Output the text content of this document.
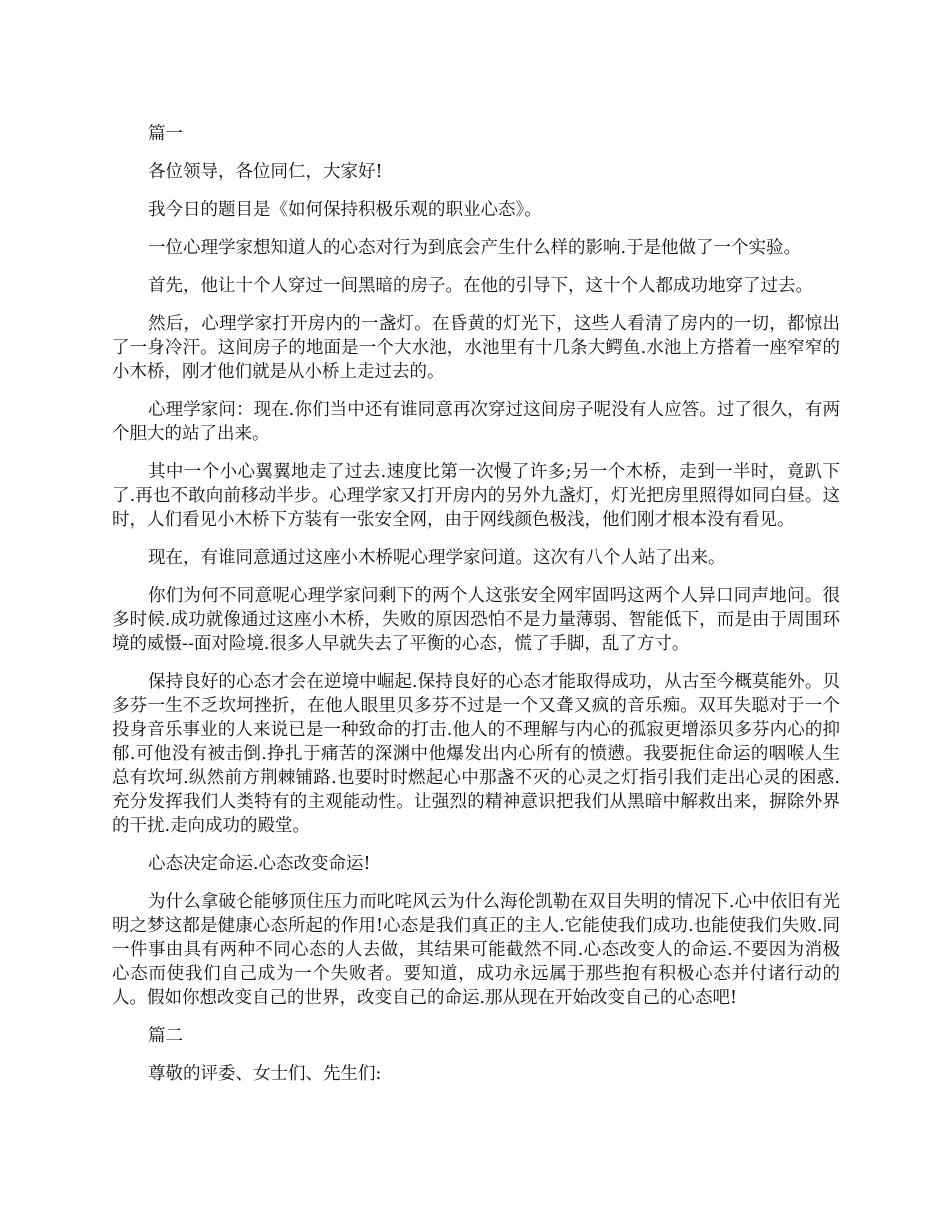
篇一

各位领导，各位同仁，大家好!

我今日的题目是《如何保持积极乐观的职业心态》。

一位心理学家想知道人的心态对行为到底会产生什么样的影响.于是他做了一个实验。

首先，他让十个人穿过一间黑暗的房子。在他的引导下，这十个人都成功地穿了过去。

然后，心理学家打开房内的一盏灯。在昏黄的灯光下，这些人看清了房内的一切，都惊出了一身冷汗。这间房子的地面是一个大水池，水池里有十几条大鳄鱼.水池上方搭着一座窄窄的小木桥，刚才他们就是从小桥上走过去的。

心理学家问：现在.你们当中还有谁同意再次穿过这间房子呢没有人应答。过了很久，有两个胆大的站了出来。

其中一个小心翼翼地走了过去.速度比第一次慢了许多;另一个木桥，走到一半时，竟趴下了.再也不敢向前移动半步。心理学家又打开房内的另外九盏灯，灯光把房里照得如同白昼。这时，人们看见小木桥下方装有一张安全网，由于网线颜色极浅，他们刚才根本没有看见。

现在，有谁同意通过这座小木桥呢心理学家问道。这次有八个人站了出来。

你们为何不同意呢心理学家问剩下的两个人这张安全网牢固吗这两个人异口同声地问。很多时候.成功就像通过这座小木桥，失败的原因恐怕不是力量薄弱、智能低下，而是由于周围环境的威慑--面对险境.很多人早就失去了平衡的心态，慌了手脚，乱了方寸。

保持良好的心态才会在逆境中崛起.保持良好的心态才能取得成功，从古至今概莫能外。贝多芬一生不乏坎坷挫折，在他人眼里贝多芬不过是一个又聋又疯的音乐痴。双耳失聪对于一个投身音乐事业的人来说已是一种致命的打击.他人的不理解与内心的孤寂更增添贝多芬内心的抑郁.可他没有被击倒.挣扎于痛苦的深渊中他爆发出内心所有的愤懑。我要扼住命运的咽喉人生总有坎坷.纵然前方荆棘铺路.也要时时燃起心中那盏不灭的心灵之灯指引我们走出心灵的困惑.充分发挥我们人类特有的主观能动性。让强烈的精神意识把我们从黑暗中解救出来，摒除外界的干扰.走向成功的殿堂。

心态决定命运.心态改变命运!

为什么拿破仑能够顶住压力而叱咤风云为什么海伦凯勒在双目失明的情况下.心中依旧有光明之梦这都是健康心态所起的作用!心态是我们真正的主人.它能使我们成功.也能使我们失败.同一件事由具有两种不同心态的人去做，其结果可能截然不同.心态改变人的命运.不要因为消极心态而使我们自己成为一个失败者。要知道，成功永远属于那些抱有积极心态并付诸行动的人。假如你想改变自己的世界，改变自己的命运.那从现在开始改变自己的心态吧!

篇二

尊敬的评委、女士们、先生们:
